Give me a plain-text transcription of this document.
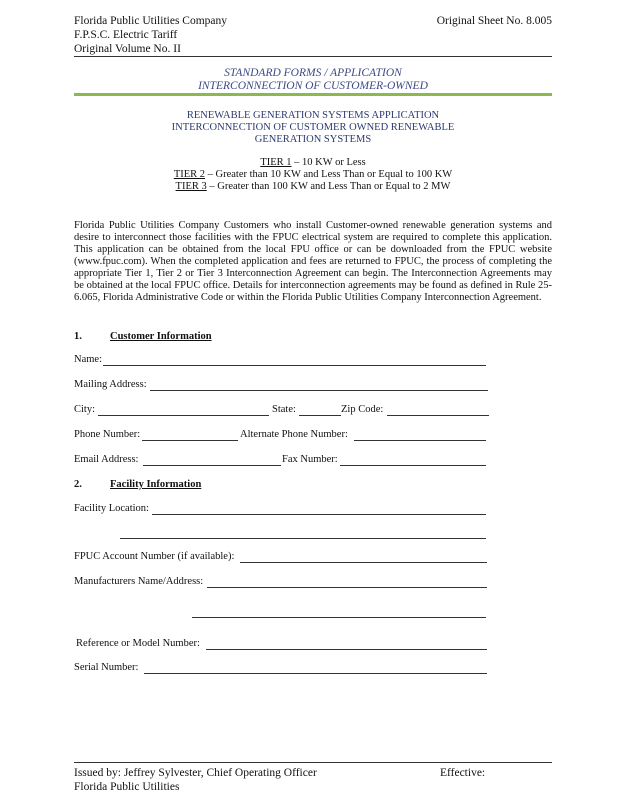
Florida Public Utilities Company
F.P.S.C. Electric Tariff
Original Volume No. II
Original Sheet No. 8.005
STANDARD FORMS / APPLICATION
INTERCONNECTION OF CUSTOMER-OWNED
RENEWABLE GENERATION SYSTEMS APPLICATION
INTERCONNECTION OF CUSTOMER OWNED RENEWABLE
GENERATION SYSTEMS
TIER 1 – 10 KW or Less
TIER 2 – Greater than 10 KW and Less Than or Equal to 100 KW
TIER 3 – Greater than 100 KW and Less Than or Equal to 2 MW
Florida Public Utilities Company Customers who install Customer-owned renewable generation systems and desire to interconnect those facilities with the FPUC electrical system are required to complete this application. This application can be obtained from the local FPU office or can be downloaded from the FPUC website (www.fpuc.com). When the completed application and fees are returned to FPUC, the process of completing the appropriate Tier 1, Tier 2 or Tier 3 Interconnection Agreement can begin. The Interconnection Agreements may be obtained at the local FPUC office. Details for interconnection agreements may be found as defined in Rule 25-6.065, Florida Administrative Code or within the Florida Public Utilities Company Interconnection Agreement.
1.	Customer Information
Name:
Mailing Address:
City:	State:	Zip Code:
Phone Number:	Alternate Phone Number:
Email Address:	Fax Number:
2.	Facility Information
Facility Location:
FPUC Account Number (if available):
Manufacturers Name/Address:
Reference or Model Number:
Serial Number:
Issued by: Jeffrey Sylvester, Chief Operating Officer
Florida Public Utilities
Effective:
